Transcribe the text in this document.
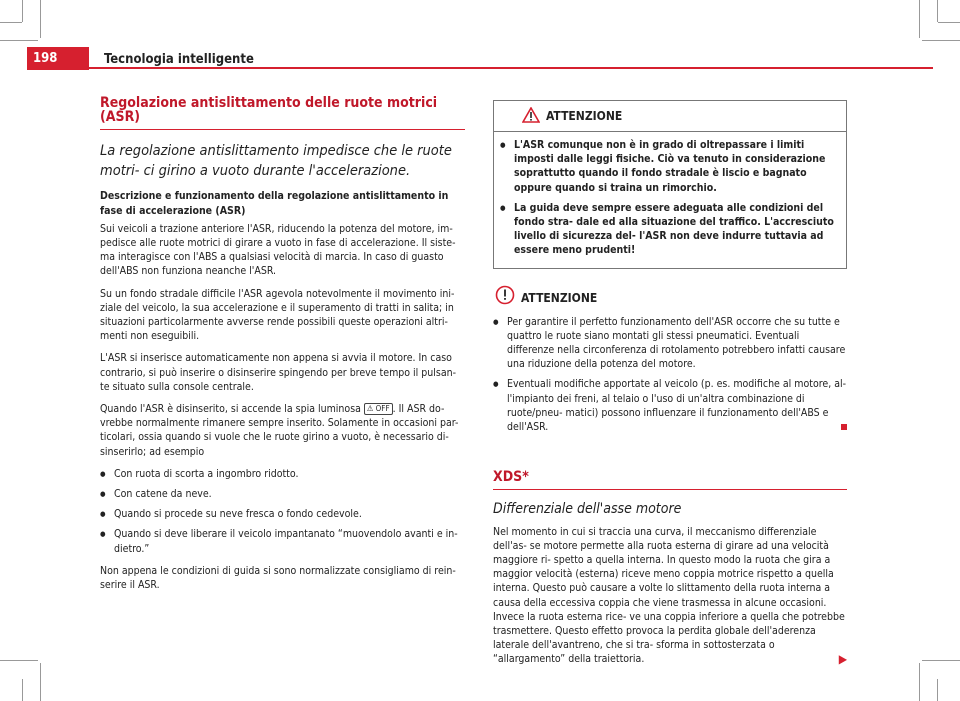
198	Tecnologia intelligente
Regolazione antislittamento delle ruote motrici (ASR)

La regolazione antislittamento impedisce che le ruote motri- ci girino a vuoto durante l'accelerazione.

Descrizione e funzionamento della regolazione antislittamento in fase di accelerazione (ASR)

Sui veicoli a trazione anteriore l'ASR, riducendo la potenza del motore, im- pedisce alle ruote motrici di girare a vuoto in fase di accelerazione. Il siste- ma interagisce con l'ABS a qualsiasi velocità di marcia. In caso di guasto dell'ABS non funziona neanche l'ASR.

Su un fondo stradale difficile l'ASR agevola notevolmente il movimento ini- ziale del veicolo, la sua accelerazione e il superamento di tratti in salita; in situazioni particolarmente avverse rende possibili queste operazioni altri- menti non eseguibili.

L'ASR si inserisce automaticamente non appena si avvia il motore. In caso contrario, si può inserire o disinserire spingendo per breve tempo il pulsan- te situato sulla console centrale.

Quando l'ASR è disinserito, si accende la spia luminosa ⚠ OFF . Il ASR do- vrebbe normalmente rimanere sempre inserito. Solamente in occasioni par- ticolari, ossia quando si vuole che le ruote girino a vuoto, è necessario di- sinserirlo; ad esempio

● Con ruota di scorta a ingombro ridotto.
● Con catene da neve.
● Quando si procede su neve fresca o fondo cedevole.
● Quando si deve liberare il veicolo impantanato “muovendolo avanti e in- dietro.”

Non appena le condizioni di guida si sono normalizzate consigliamo di rein- serire il ASR.

ATTENZIONE
● L'ASR comunque non è in grado di oltrepassare i limiti imposti dalle leggi fisiche. Ciò va tenuto in considerazione soprattutto quando il fondo stradale è liscio e bagnato oppure quando si traina un rimorchio.
● La guida deve sempre essere adeguata alle condizioni del fondo stra- dale ed alla situazione del traffico. L'accresciuto livello di sicurezza del- l'ASR non deve indurre tuttavia ad essere meno prudenti!
ATTENZIONE
● Per garantire il perfetto funzionamento dell'ASR occorre che su tutte e quattro le ruote siano montati gli stessi pneumatici. Eventuali differenze nella circonferenza di rotolamento potrebbero infatti causare una riduzione della potenza del motore.
● Eventuali modifiche apportate al veicolo (p. es. modifiche al motore, al- l'impianto dei freni, al telaio o l'uso di un'altra combinazione di ruote/pneu- matici) possono influenzare il funzionamento dell'ABS e dell'ASR.
XDS*

Differenziale dell'asse motore

Nel momento in cui si traccia una curva, il meccanismo differenziale dell'as- se motore permette alla ruota esterna di girare ad una velocità maggiore ri- spetto a quella interna. In questo modo la ruota che gira a maggior velocità (esterna) riceve meno coppia motrice rispetto a quella interna. Questo può causare a volte lo slittamento della ruota interna a causa della eccessiva coppia che viene trasmessa in alcune occasioni. Invece la ruota esterna rice- ve una coppia inferiore a quella che potrebbe trasmettere. Questo effetto provoca la perdita globale dell'aderenza laterale dell'avantreno, che si tra- sforma in sottosterzata o “allargamento” della traiettoria.	▶
